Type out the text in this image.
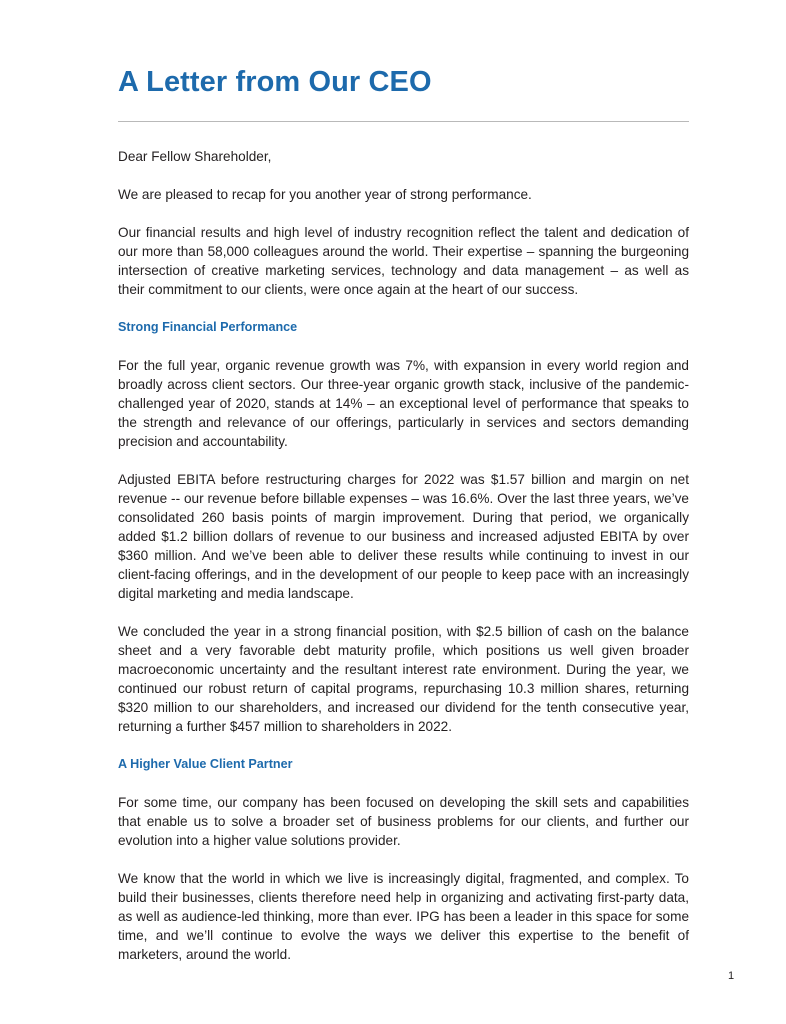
A Letter from Our CEO

Dear Fellow Shareholder,

We are pleased to recap for you another year of strong performance.

Our financial results and high level of industry recognition reflect the talent and dedication of our more than 58,000 colleagues around the world. Their expertise – spanning the burgeoning intersection of creative marketing services, technology and data management – as well as their commitment to our clients, were once again at the heart of our success.

Strong Financial Performance

For the full year, organic revenue growth was 7%, with expansion in every world region and broadly across client sectors. Our three-year organic growth stack, inclusive of the pandemic-challenged year of 2020, stands at 14% – an exceptional level of performance that speaks to the strength and relevance of our offerings, particularly in services and sectors demanding precision and accountability.

Adjusted EBITA before restructuring charges for 2022 was $1.57 billion and margin on net revenue -- our revenue before billable expenses – was 16.6%. Over the last three years, we’ve consolidated 260 basis points of margin improvement. During that period, we organically added $1.2 billion dollars of revenue to our business and increased adjusted EBITA by over $360 million. And we’ve been able to deliver these results while continuing to invest in our client-facing offerings, and in the development of our people to keep pace with an increasingly digital marketing and media landscape.

We concluded the year in a strong financial position, with $2.5 billion of cash on the balance sheet and a very favorable debt maturity profile, which positions us well given broader macroeconomic uncertainty and the resultant interest rate environment. During the year, we continued our robust return of capital programs, repurchasing 10.3 million shares, returning $320 million to our shareholders, and increased our dividend for the tenth consecutive year, returning a further $457 million to shareholders in 2022.

A Higher Value Client Partner

For some time, our company has been focused on developing the skill sets and capabilities that enable us to solve a broader set of business problems for our clients, and further our evolution into a higher value solutions provider.

We know that the world in which we live is increasingly digital, fragmented, and complex. To build their businesses, clients therefore need help in organizing and activating first-party data, as well as audience-led thinking, more than ever. IPG has been a leader in this space for some time, and we’ll continue to evolve the ways we deliver this expertise to the benefit of marketers, around the world.

1
